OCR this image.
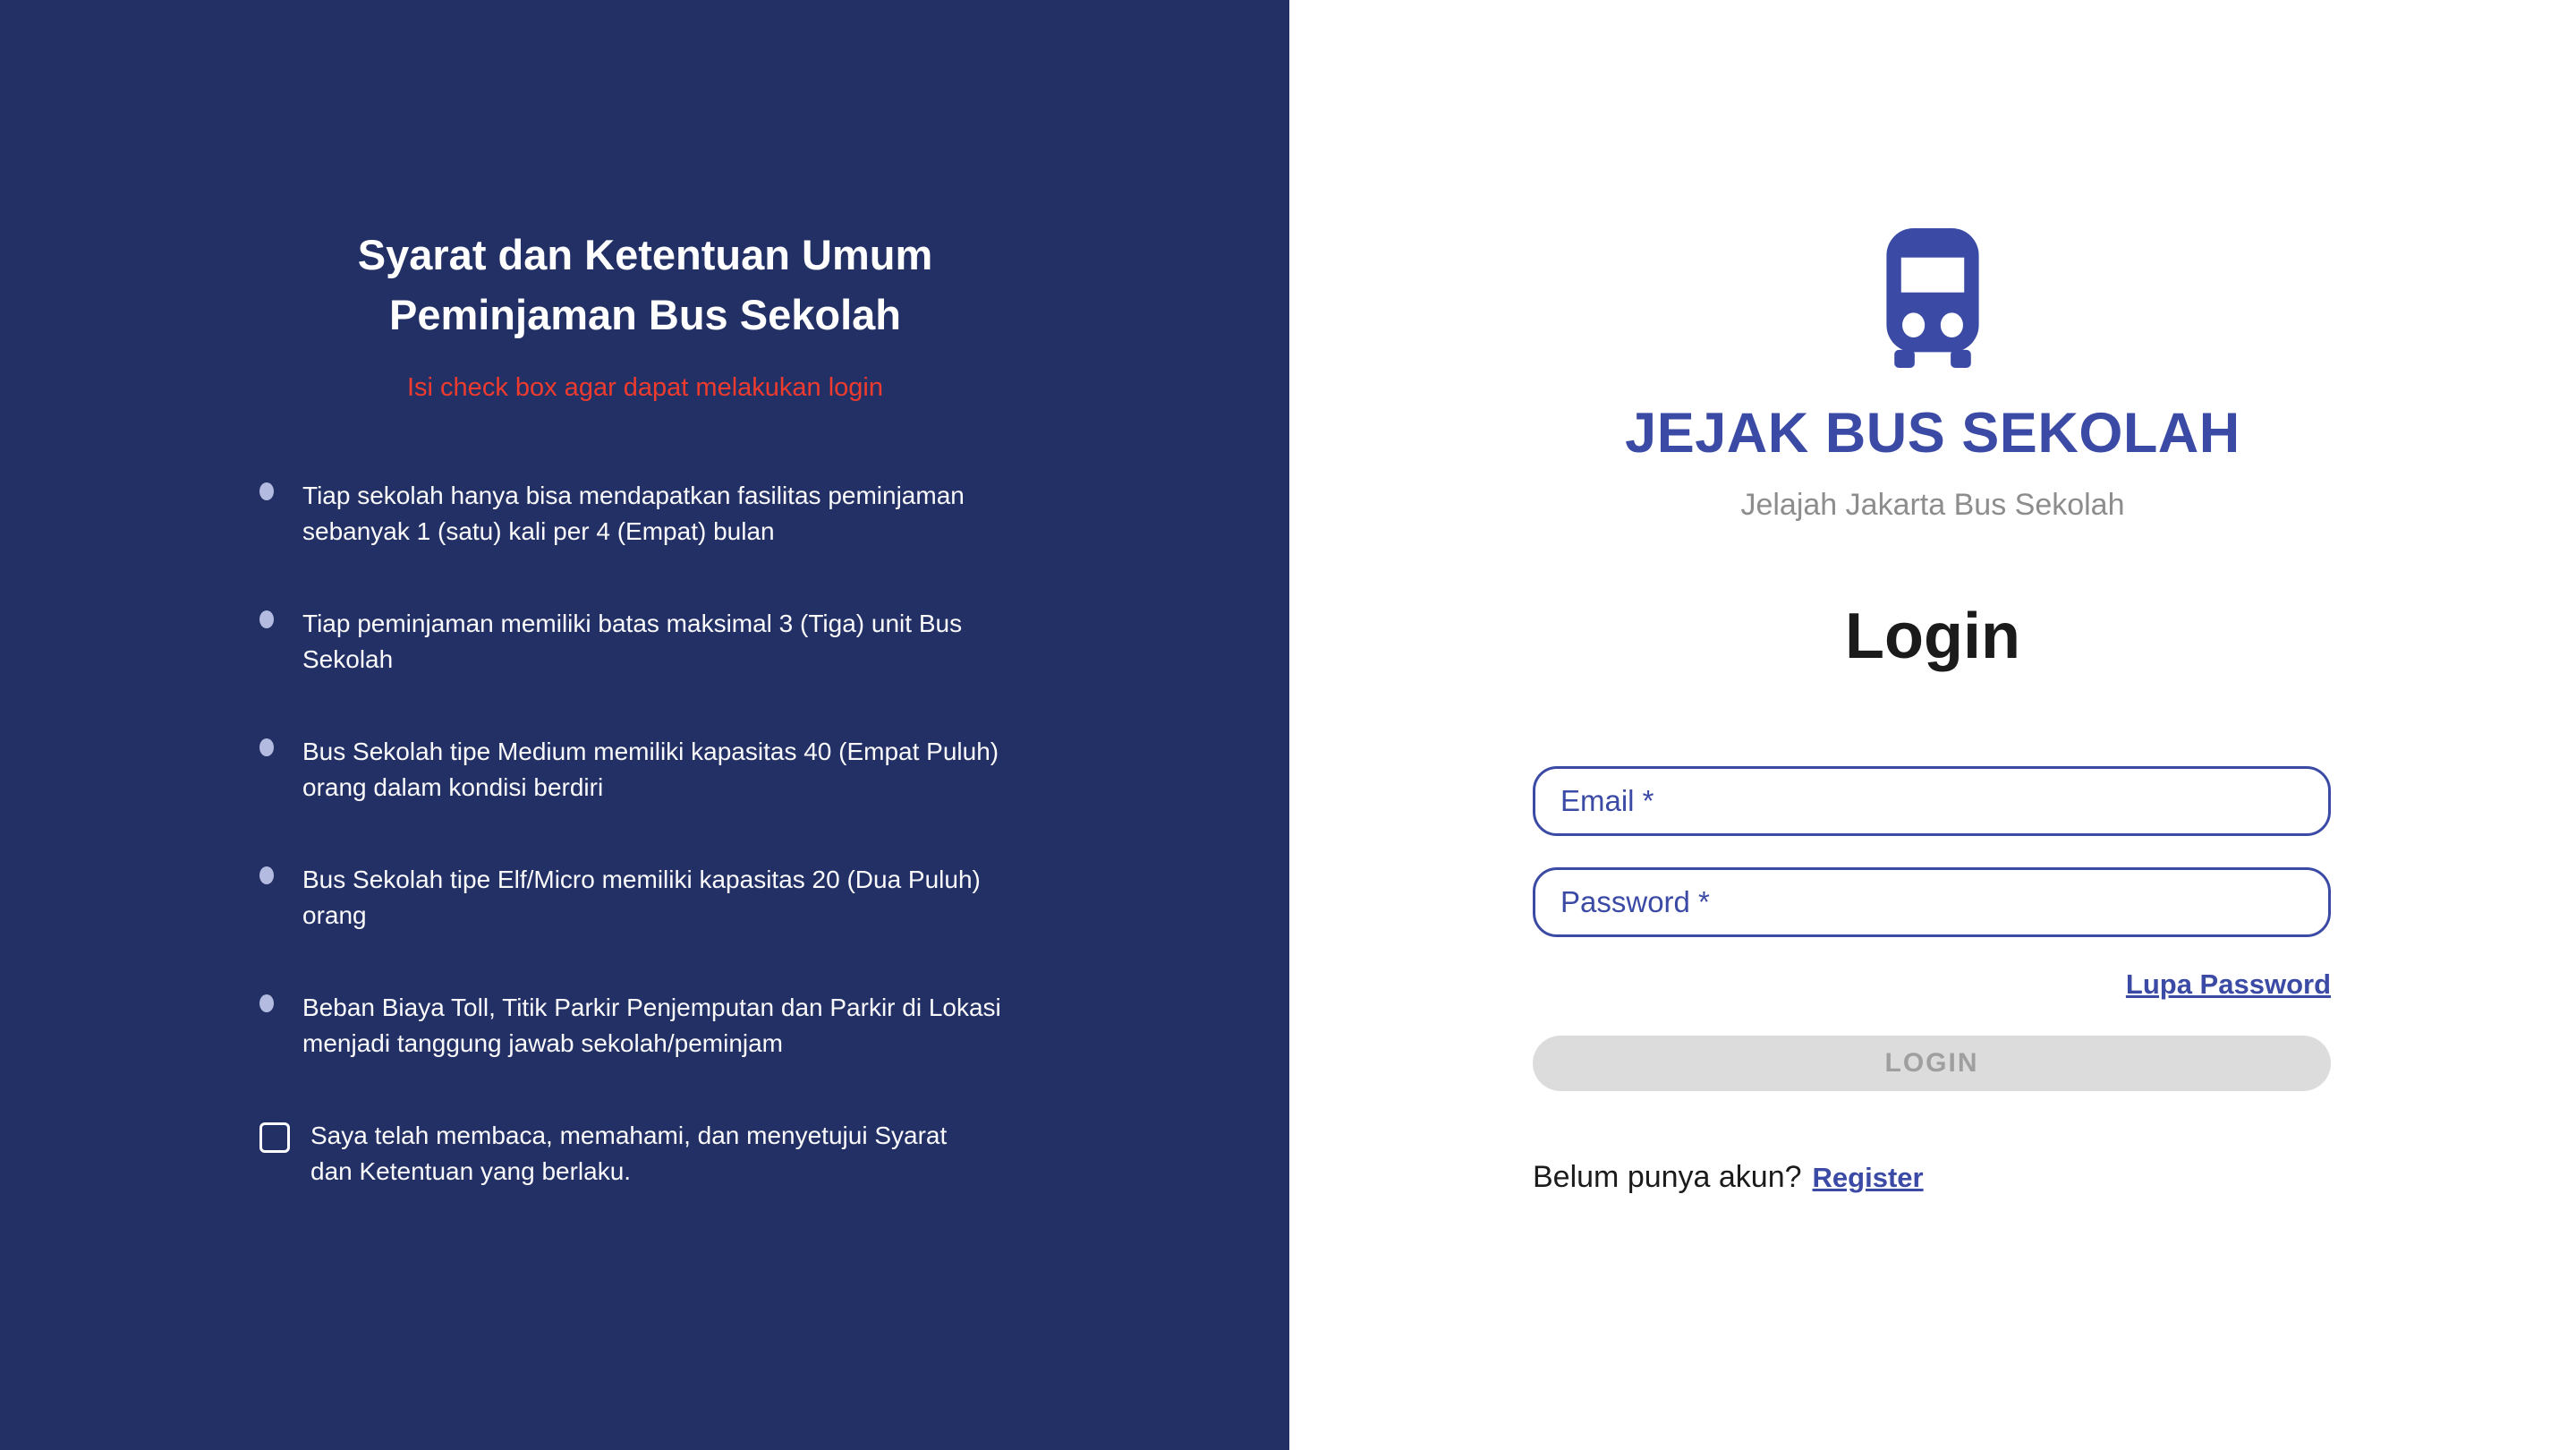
Syarat dan Ketentuan Umum Peminjaman Bus Sekolah

Isi check box agar dapat melakukan login

Tiap sekolah hanya bisa mendapatkan fasilitas peminjaman sebanyak 1 (satu) kali per 4 (Empat) bulan
Tiap peminjaman memiliki batas maksimal 3 (Tiga) unit Bus Sekolah
Bus Sekolah tipe Medium memiliki kapasitas 40 (Empat Puluh) orang dalam kondisi berdiri
Bus Sekolah tipe Elf/Micro memiliki kapasitas 20 (Dua Puluh) orang
Beban Biaya Toll, Titik Parkir Penjemputan dan Parkir di Lokasi menjadi tanggung jawab sekolah/peminjam
Saya telah membaca, memahami, dan menyetujui Syarat dan Ketentuan yang berlaku.
JEJAK BUS SEKOLAH
Jelajah Jakarta Bus Sekolah
Login
Email *
Lupa Password
LOGIN
Belum punya akun? Register
